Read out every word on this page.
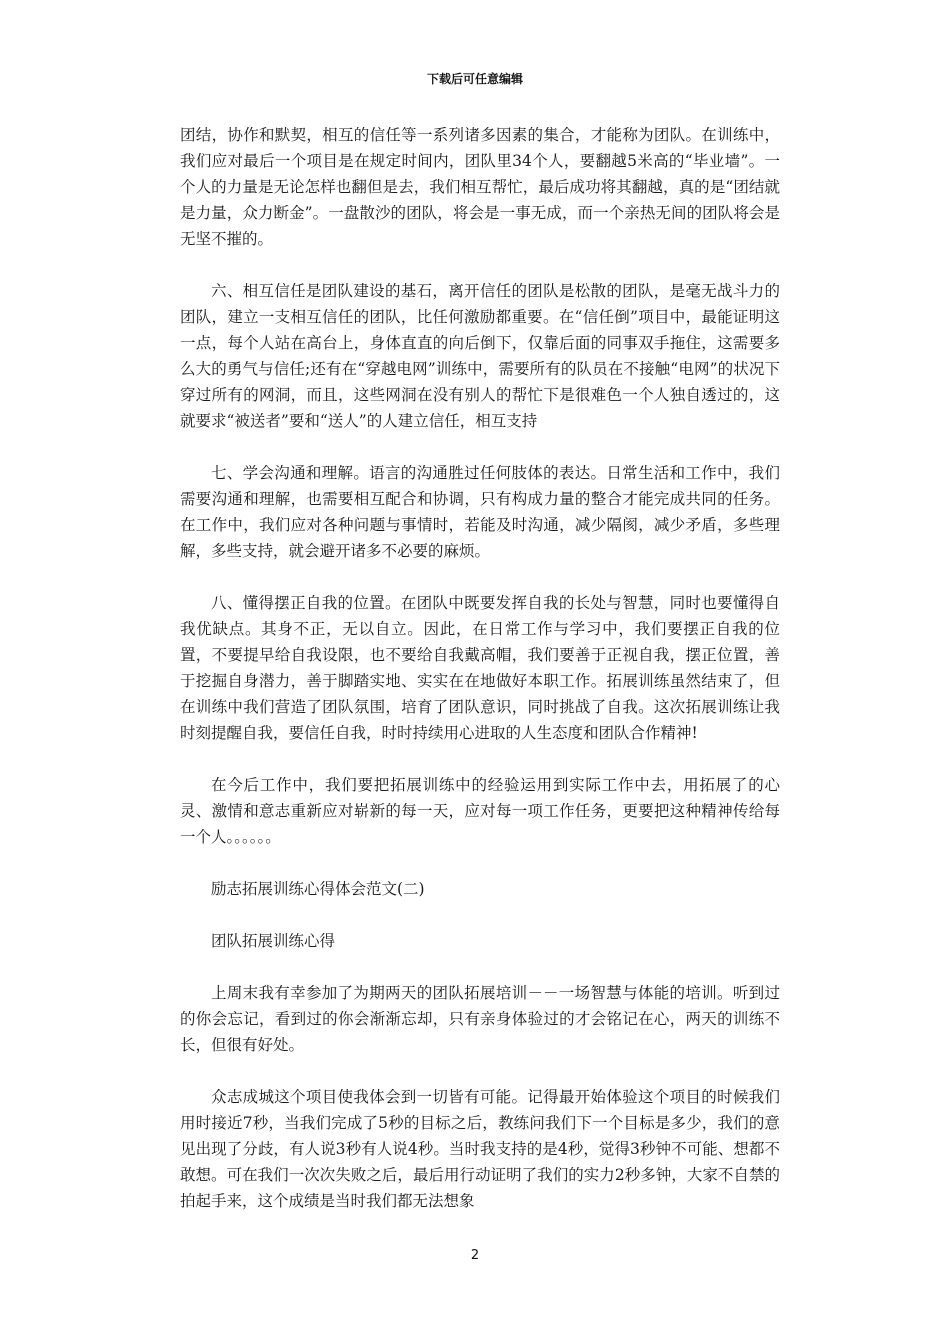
下载后可任意编辑

团结，协作和默契，相互的信任等一系列诸多因素的集合，才能称为团队。在训练中，我们应对最后一个项目是在规定时间内，团队里34个人，要翻越5米高的“毕业墙”。一个人的力量是无论怎样也翻但是去，我们相互帮忙，最后成功将其翻越，真的是“团结就是力量，众力断金”。一盘散沙的团队，将会是一事无成，而一个亲热无间的团队将会是无坚不摧的。

六、相互信任是团队建设的基石，离开信任的团队是松散的团队，是毫无战斗力的团队，建立一支相互信任的团队，比任何激励都重要。在“信任倒”项目中，最能证明这一点，每个人站在高台上，身体直直的向后倒下，仅靠后面的同事双手拖住，这需要多么大的勇气与信任;还有在“穿越电网”训练中，需要所有的队员在不接触“电网”的状况下穿过所有的网洞，而且，这些网洞在没有别人的帮忙下是很难色一个人独自透过的，这就要求“被送者”要和“送人”的人建立信任，相互支持

七、学会沟通和理解。语言的沟通胜过任何肢体的表达。日常生活和工作中，我们需要沟通和理解，也需要相互配合和协调，只有构成力量的整合才能完成共同的任务。在工作中，我们应对各种问题与事情时，若能及时沟通，减少隔阂，减少矛盾，多些理解，多些支持，就会避开诸多不必要的麻烦。

八、懂得摆正自我的位置。在团队中既要发挥自我的长处与智慧，同时也要懂得自我优缺点。其身不正，无以自立。因此，在日常工作与学习中，我们要摆正自我的位置，不要提早给自我设限，也不要给自我戴高帽，我们要善于正视自我，摆正位置，善于挖掘自身潜力，善于脚踏实地、实实在在地做好本职工作。拓展训练虽然结束了，但在训练中我们营造了团队氛围，培育了团队意识，同时挑战了自我。这次拓展训练让我时刻提醒自我，要信任自我，时时持续用心进取的人生态度和团队合作精神!

在今后工作中，我们要把拓展训练中的经验运用到实际工作中去，用拓展了的心灵、激情和意志重新应对崭新的每一天，应对每一项工作任务，更要把这种精神传给每一个人。。。。。。

励志拓展训练心得体会范文(二)

团队拓展训练心得

上周末我有幸参加了为期两天的团队拓展培训－－一场智慧与体能的培训。听到过的你会忘记，看到过的你会渐渐忘却，只有亲身体验过的才会铭记在心，两天的训练不长，但很有好处。

众志成城这个项目使我体会到一切皆有可能。记得最开始体验这个项目的时候我们用时接近7秒，当我们完成了5秒的目标之后，教练问我们下一个目标是多少，我们的意见出现了分歧，有人说3秒有人说4秒。当时我支持的是4秒，觉得3秒钟不可能、想都不敢想。可在我们一次次失败之后，最后用行动证明了我们的实力2秒多钟，大家不自禁的拍起手来，这个成绩是当时我们都无法想象

2
